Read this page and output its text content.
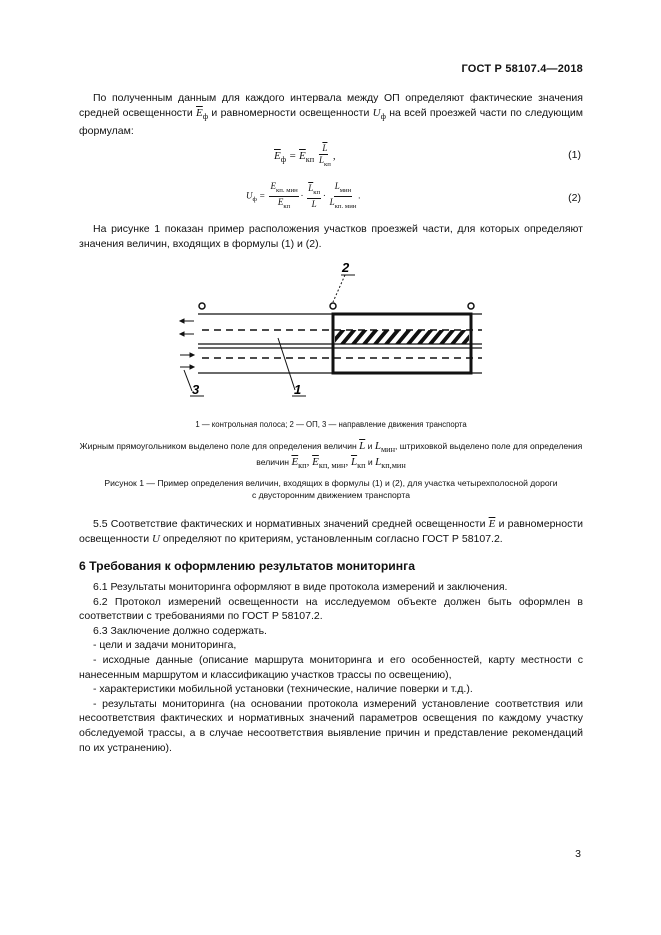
ГОСТ Р 58107.4—2018
По полученным данным для каждого интервала между ОП определяют фактические значения средней освещенности $\overline{E}_ф$ и равномерности освещенности $U_ф$ на всей проезжей части по следующим формулам:
$\overline{E}_ф = \overline{E}_{кп} \frac{\overline{L}}{\overline{L}_{кп}}$ ,	(1)
$U_ф = \frac{E_{кп. мин}}{\overline{E}_{кп}} \cdot \frac{\overline{L}_{кп}}{L} \cdot \frac{L_{мин}}{L_{кп. мин}}$ .	(2)
На рисунке 1 показан пример расположения участков проезжей части, для которых определяют значения величин, входящих в формулы (1) и (2).
2
1
3
1 — контрольная полоса; 2 — ОП, 3 — направление движения транспорта
Жирным прямоугольником выделено поле для определения величин $\overline{L}$ и $L_{мин}$, штриховкой выделено поле для определения величин $\overline{E}_{кп}$, $\overline{E}_{кп, мин}$, $\overline{L}_{кп}$ и $L_{кп,мин}$
Рисунок 1 — Пример определения величин, входящих в формулы (1) и (2), для участка четырехполосной дороги
с двусторонним движением транспорта
5.5 Соответствие фактических и нормативных значений средней освещенности $\overline{E}$ и равномерности освещенности U определяют по критериям, установленным согласно ГОСТ Р 58107.2.
6 Требования к оформлению результатов мониторинга
6.1 Результаты мониторинга оформляют в виде протокола измерений и заключения.
6.2 Протокол измерений освещенности на исследуемом объекте должен быть оформлен в соответствии с требованиями по ГОСТ Р 58107.2.
6.3 Заключение должно содержать.
- цели и задачи мониторинга,
- исходные данные (описание маршрута мониторинга и его особенностей, карту местности с нанесенным маршрутом и классификацию участков трассы по освещению),
- характеристики мобильной установки (технические, наличие поверки и т.д.).
- результаты мониторинга (на основании протокола измерений установление соответствия или несоответствия фактических и нормативных значений параметров освещения по каждому участку обследуемой трассы, а в случае несоответствия выявление причин и представление рекомендаций по их устранению).
3
